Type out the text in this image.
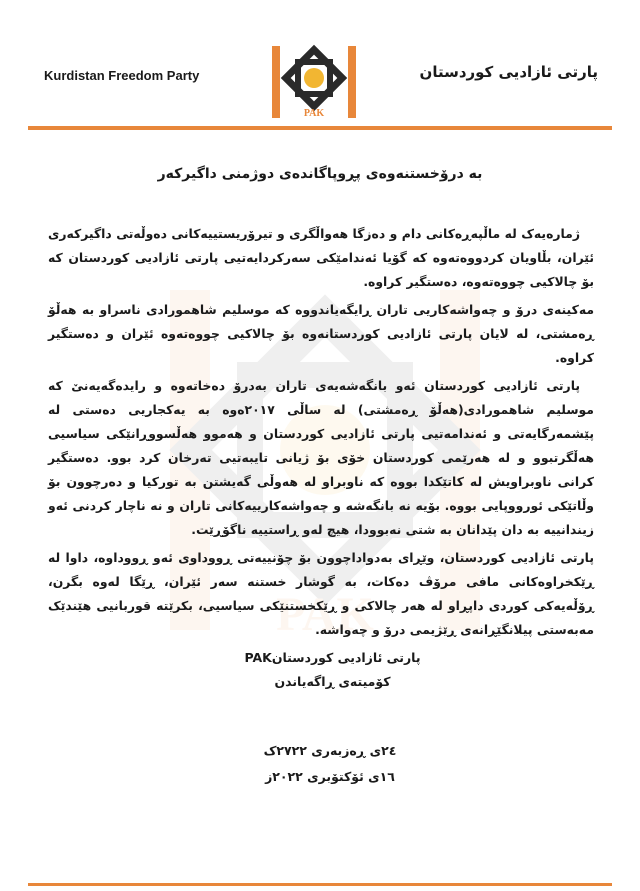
Kurdistan Freedom Party
PAK
پارتی ئازادیی کوردستان
PAK
بە درۆخستنەوەی پڕوپاگاندەی دوژمنی داگیرکەر

ژمارەیەک لە ماڵپەڕەکانی دام و دەزگا هەواڵگری و تیرۆریستییەکانی دەوڵەتی داگیرکەری ئێران، بڵاویان کردووەتەوە کە گۆیا ئەندامێکی سەرکردایەتیی پارتی ئازادیی کوردستان کە بۆ چالاکیی چووەتەوە، دەستگیر کراوە.

مەکینەی درۆ و چەواشەکاریی تاران ڕایگەیاندووە کە موسلیم شاهمورادی ناسراو بە هەڵۆ ڕەمشتی، لە لایان پارتی ئازادیی کوردستانەوە بۆ چالاکیی چووەتەوە ئێران و دەستگیر کراوە.

پارتی ئازادیی کوردستان ئەو بانگەشەیەی تاران بەدرۆ دەخاتەوە و رایدەگەیەنێ کە موسلیم شاهمورادی(هەڵۆ ڕەمشتی) لە ساڵی ٢٠١٧ەوە بە یەکجاریی دەستی لە پێشمەرگایەتی و ئەندامەتیی پارتی ئازادیی کوردستان و هەموو هەڵسووڕانێکی سیاسیی هەڵگرتبوو و لە هەرێمی کوردستان خۆی بۆ ژیانی تایبەتیی تەرخان کرد بوو. دەستگیر کرانی ناوبراویش لە کاتێکدا بووە کە ناوبراو لە هەوڵی گەیشتن بە تورکیا و دەرچوون بۆ وڵاتێکی ئورووپایی بووە. بۆیە نە بانگەشە و چەواشەکارییەکانی تاران و نە ناچار کردنی ئەو زیندانییە بە دان پێدانان بە شتی نەبوودا، هیچ لەو ڕاستییە ناگۆڕێت.

پارتی ئازادیی کوردستان، وێڕای بەدواداچوون بۆ چۆنییەتی ڕووداوی ئەو ڕووداوە، داوا لە ڕێکخراوەکانی مافی مرۆڤ دەکات، بە گوشار خستنە سەر ئێران، ڕێگا لەوە بگرن، ڕۆڵەیەکی کوردی داپڕاو لە هەر چالاکی و ڕێکخستنێکی سیاسیی، بکرێتە قوربانیی هێندێک مەبەستی پیلانگێڕانەی ڕێژیمی درۆ و چەواشە.

پارتی ئازادیی کوردستانPAK
کۆمیتەی ڕاگەیاندن
٢٤ی ڕەزبەری ٢٧٢٢ک
١٦ی ئۆکتۆبری ٢٠٢٢ز
